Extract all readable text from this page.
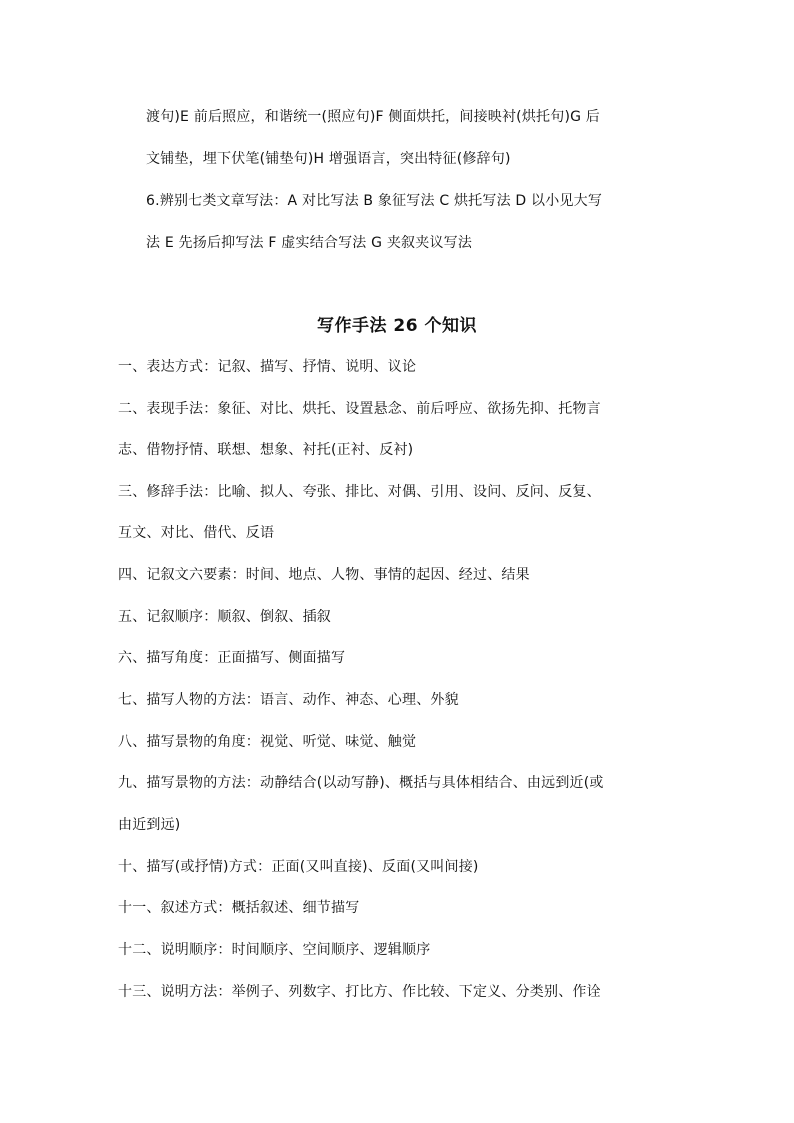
渡句)E 前后照应，和谐统一(照应句)F 侧面烘托，间接映衬(烘托句)G 后
文铺垫，埋下伏笔(铺垫句)H 增强语言，突出特征(修辞句)
6.辨别七类文章写法：A 对比写法 B 象征写法 C 烘托写法 D 以小见大写
法 E 先扬后抑写法 F 虚实结合写法 G 夹叙夹议写法
写作手法 26 个知识
一、表达方式：记叙、描写、抒情、说明、议论
二、表现手法：象征、对比、烘托、设置悬念、前后呼应、欲扬先抑、托物言
志、借物抒情、联想、想象、衬托(正衬、反衬)
三、修辞手法：比喻、拟人、夸张、排比、对偶、引用、设问、反问、反复、
互文、对比、借代、反语
四、记叙文六要素：时间、地点、人物、事情的起因、经过、结果
五、记叙顺序：顺叙、倒叙、插叙
六、描写角度：正面描写、侧面描写
七、描写人物的方法：语言、动作、神态、心理、外貌
八、描写景物的角度：视觉、听觉、味觉、触觉
九、描写景物的方法：动静结合(以动写静)、概括与具体相结合、由远到近(或
由近到远)
十、描写(或抒情)方式：正面(又叫直接)、反面(又叫间接)
十一、叙述方式：概括叙述、细节描写
十二、说明顺序：时间顺序、空间顺序、逻辑顺序
十三、说明方法：举例子、列数字、打比方、作比较、下定义、分类别、作诠
